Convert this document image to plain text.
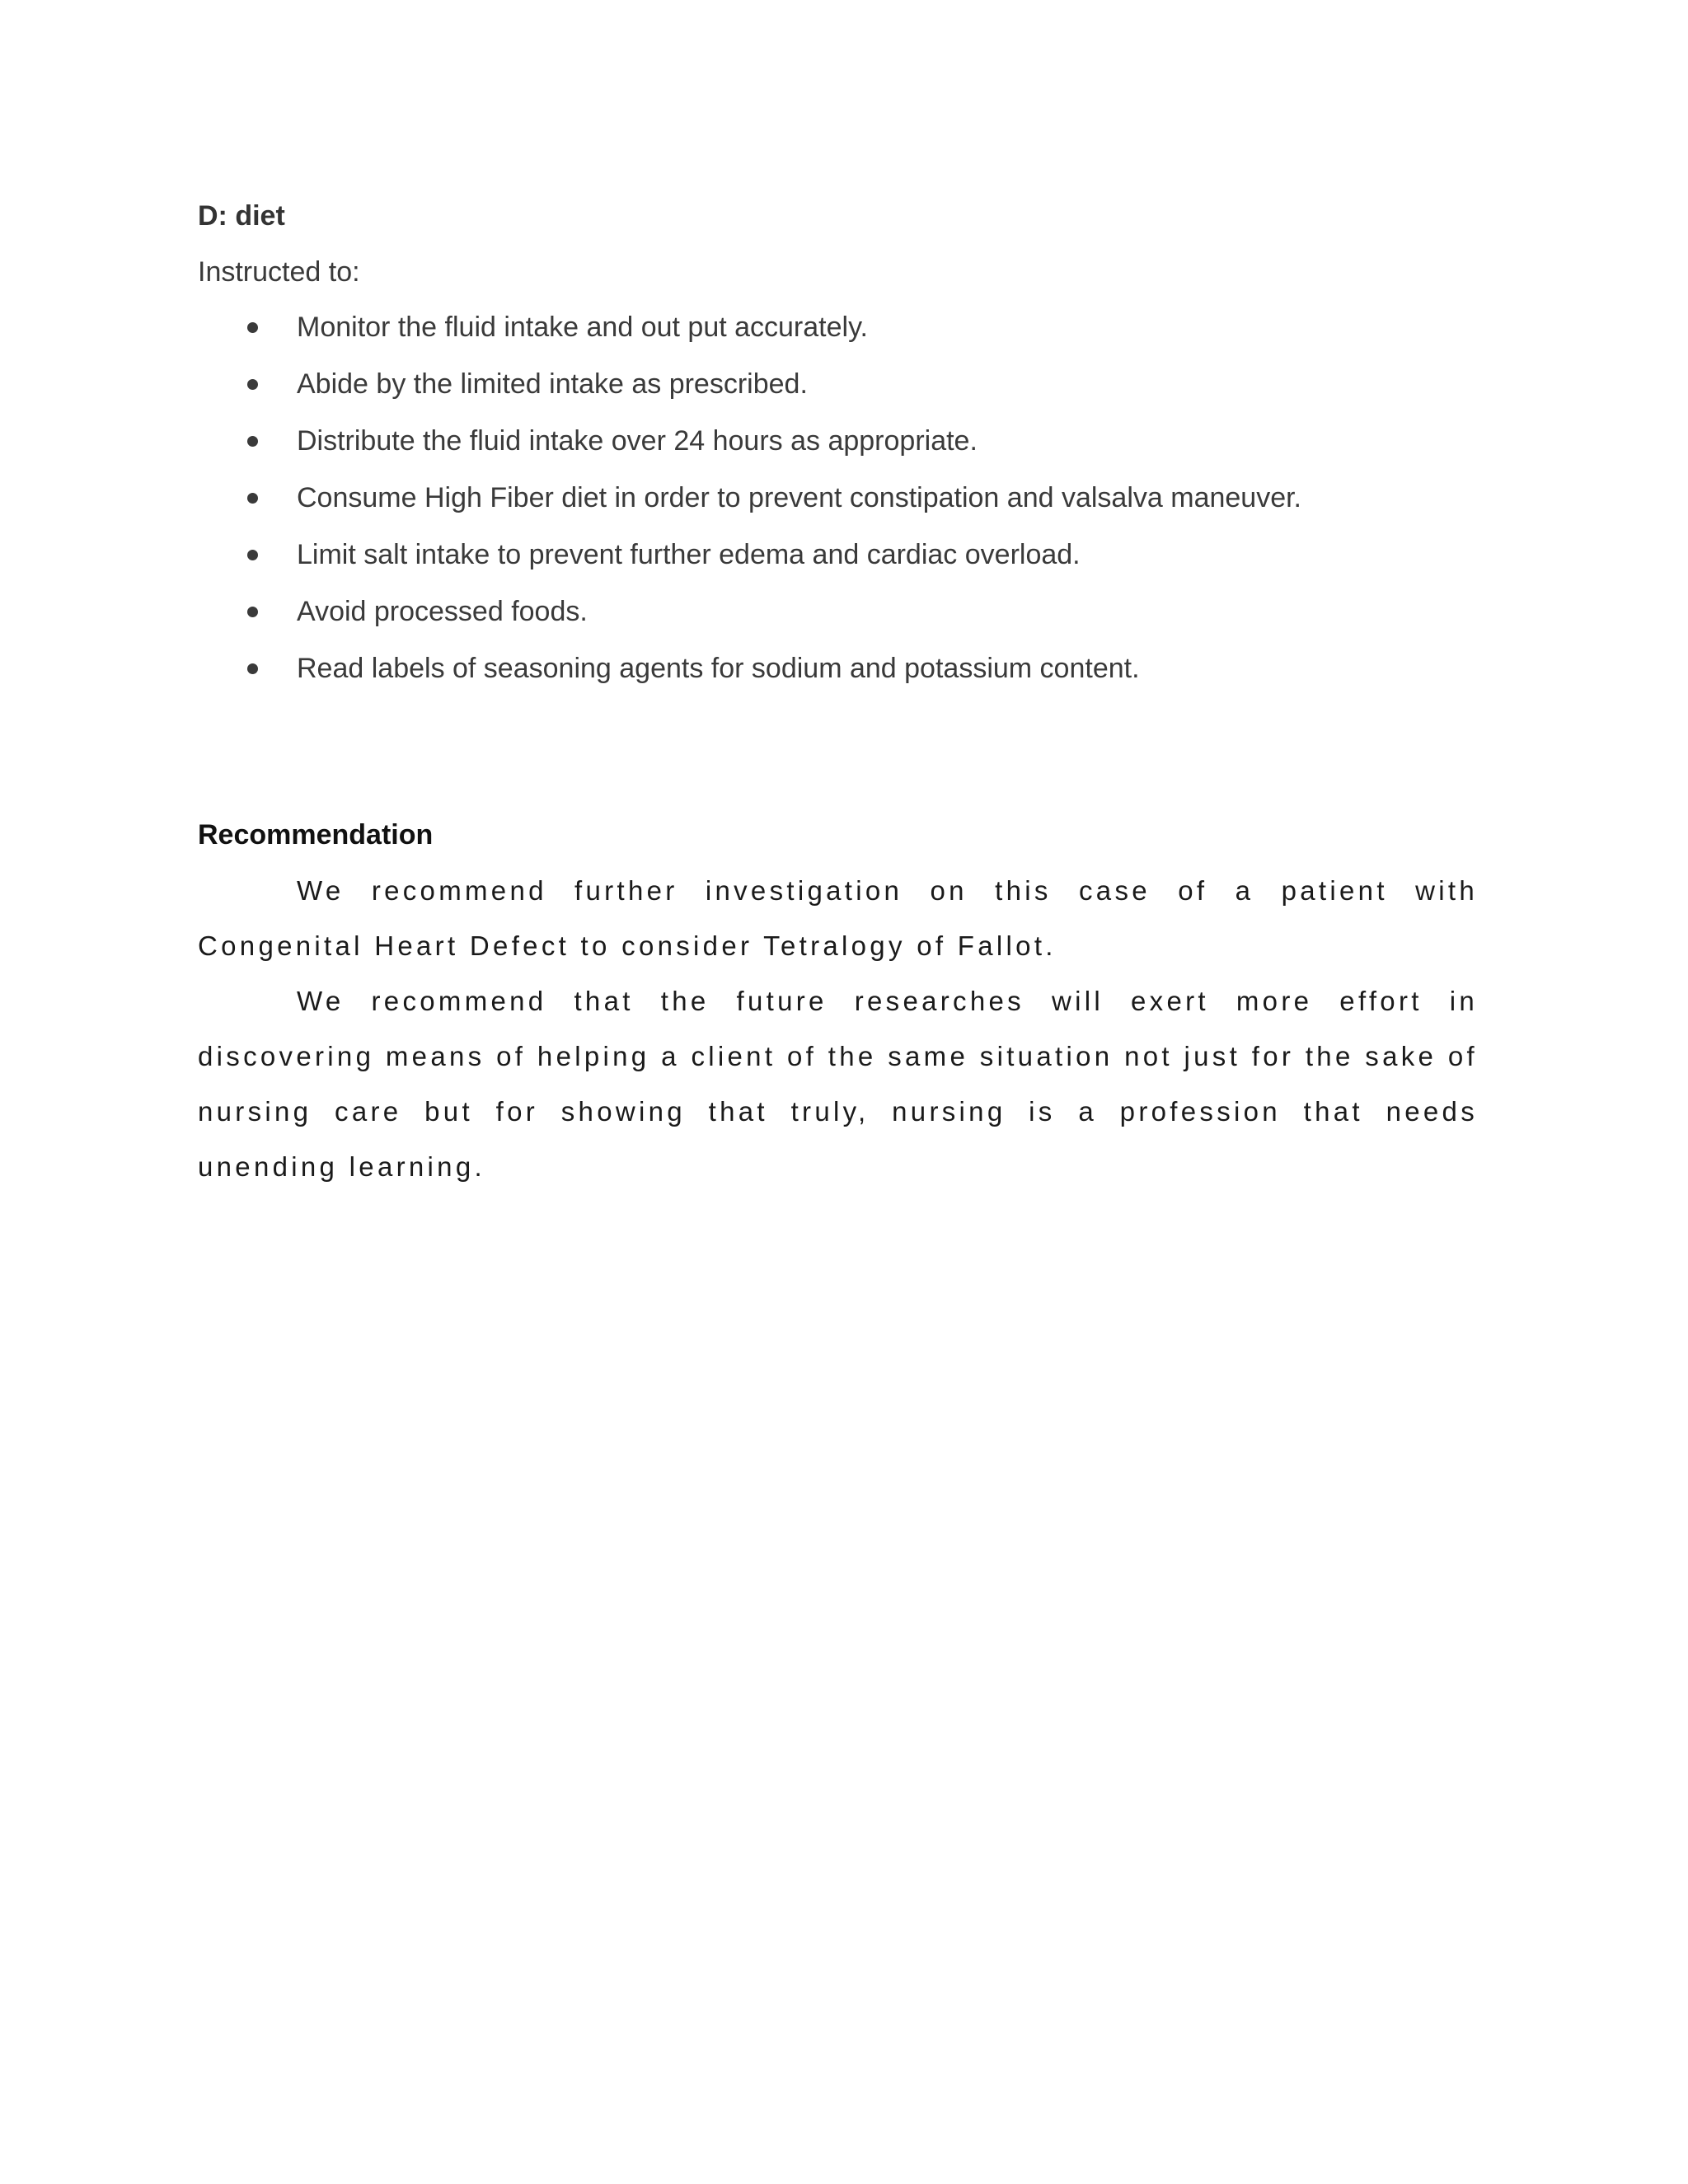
D: diet

Instructed to:

Monitor the fluid intake and out put accurately.
Abide by the limited intake as prescribed.
Distribute the fluid intake over 24 hours as appropriate.
Consume High Fiber diet in order to prevent constipation and valsalva maneuver.
Limit salt intake to prevent further edema and cardiac overload.
Avoid processed foods.
Read labels of seasoning agents for sodium and potassium content.
Recommendation

We recommend further investigation on this case of a patient with Congenital Heart Defect to consider Tetralogy of Fallot.

We recommend that the future researches will exert more effort in discovering means of helping a client of the same situation not just for the sake of nursing care but for showing that truly, nursing is a profession that needs unending learning.
